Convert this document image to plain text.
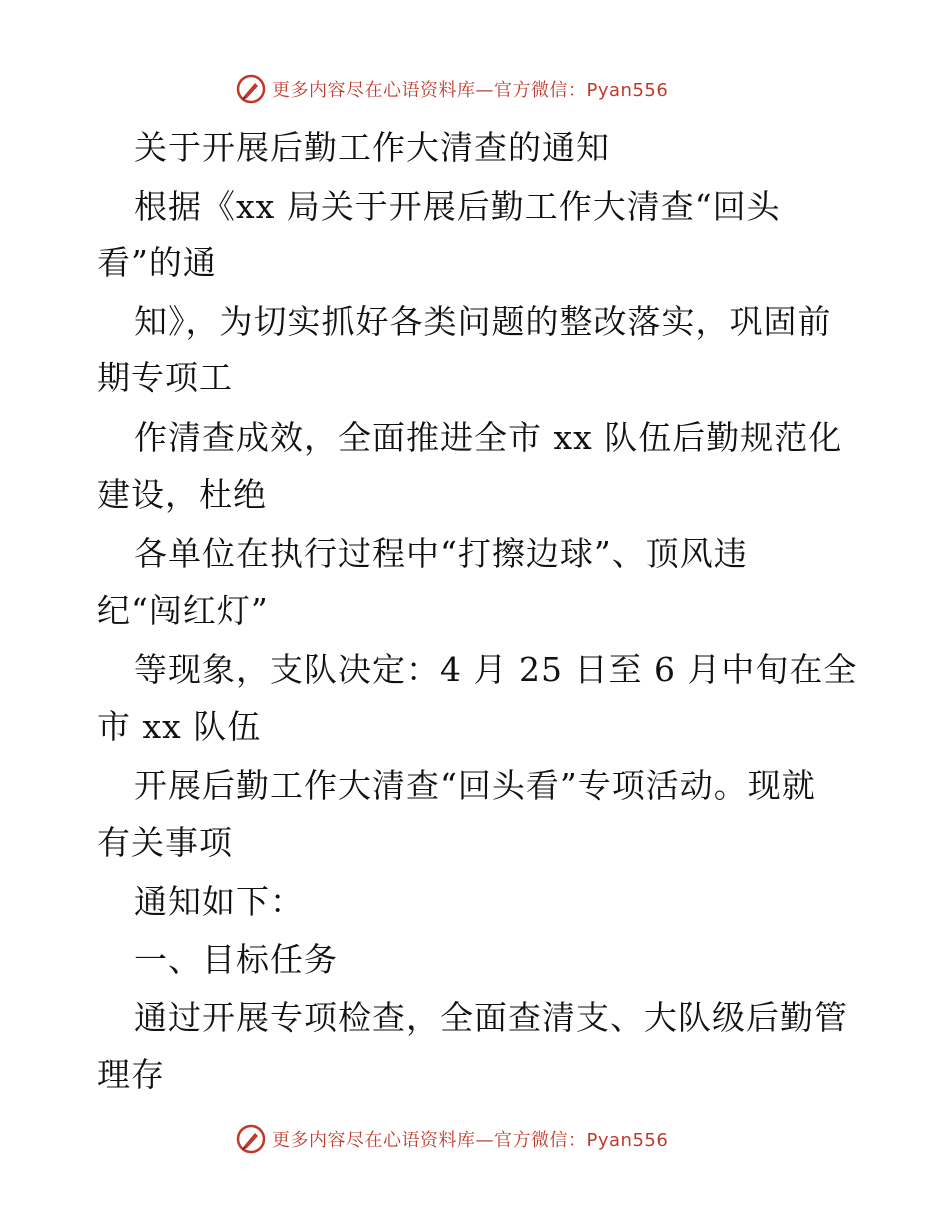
更多内容尽在心语资料库—官方微信：Pyan556
关于开展后勤工作大清查的通知
根据《xx 局关于开展后勤工作大清查“回头
看”的通
知》，为切实抓好各类问题的整改落实，巩固前
期专项工
作清查成效，全面推进全市 xx 队伍后勤规范化
建设，杜绝
各单位在执行过程中“打擦边球”、顶风违
纪“闯红灯”
等现象，支队决定：4 月 25 日至 6 月中旬在全
市 xx 队伍
开展后勤工作大清查“回头看”专项活动。现就
有关事项
通知如下：
一、目标任务
通过开展专项检查，全面查清支、大队级后勤管
理存
更多内容尽在心语资料库—官方微信：Pyan556
